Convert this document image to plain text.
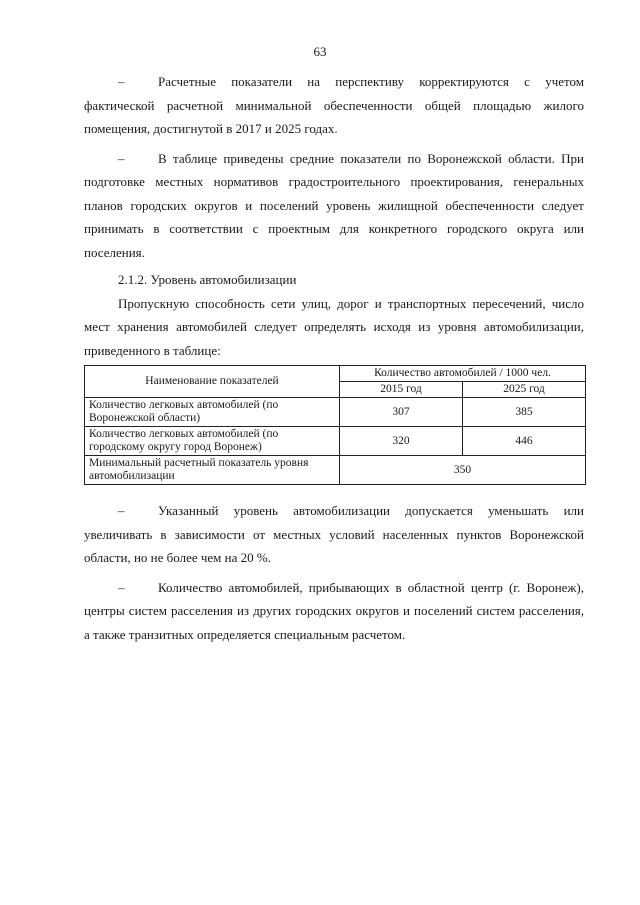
63

–	Расчетные показатели на перспективу корректируются с учетом фактической расчетной минимальной обеспеченности общей площадью жилого помещения, достигнутой в 2017 и 2025 годах.

–	В таблице приведены средние показатели по Воронежской области. При подготовке местных нормативов градостроительного проектирования, генеральных планов городских округов и поселений уровень жилищной обеспеченности следует принимать в соответствии с проектным для конкретного городского округа или поселения.

2.1.2. Уровень автомобилизации

Пропускную способность сети улиц, дорог и транспортных пересечений, число мест хранения автомобилей следует определять исходя из уровня автомобилизации, приведенного в таблице:

Наименование показателей	Количество автомобилей / 1000 чел.	
	2015 год	2025 год
Количество легковых автомобилей (по Воронежской области)	307	385
Количество легковых автомобилей (по городскому округу город Воронеж)	320	446
Минимальный расчетный показатель уровня автомобилизации	350	

–	Указанный уровень автомобилизации допускается уменьшать или увеличивать в зависимости от местных условий населенных пунктов Воронежской области, но не более чем на 20 %.

–	Количество автомобилей, прибывающих в областной центр (г. Воронеж), центры систем расселения из других городских округов и поселений систем расселения, а также транзитных определяется специальным расчетом.
